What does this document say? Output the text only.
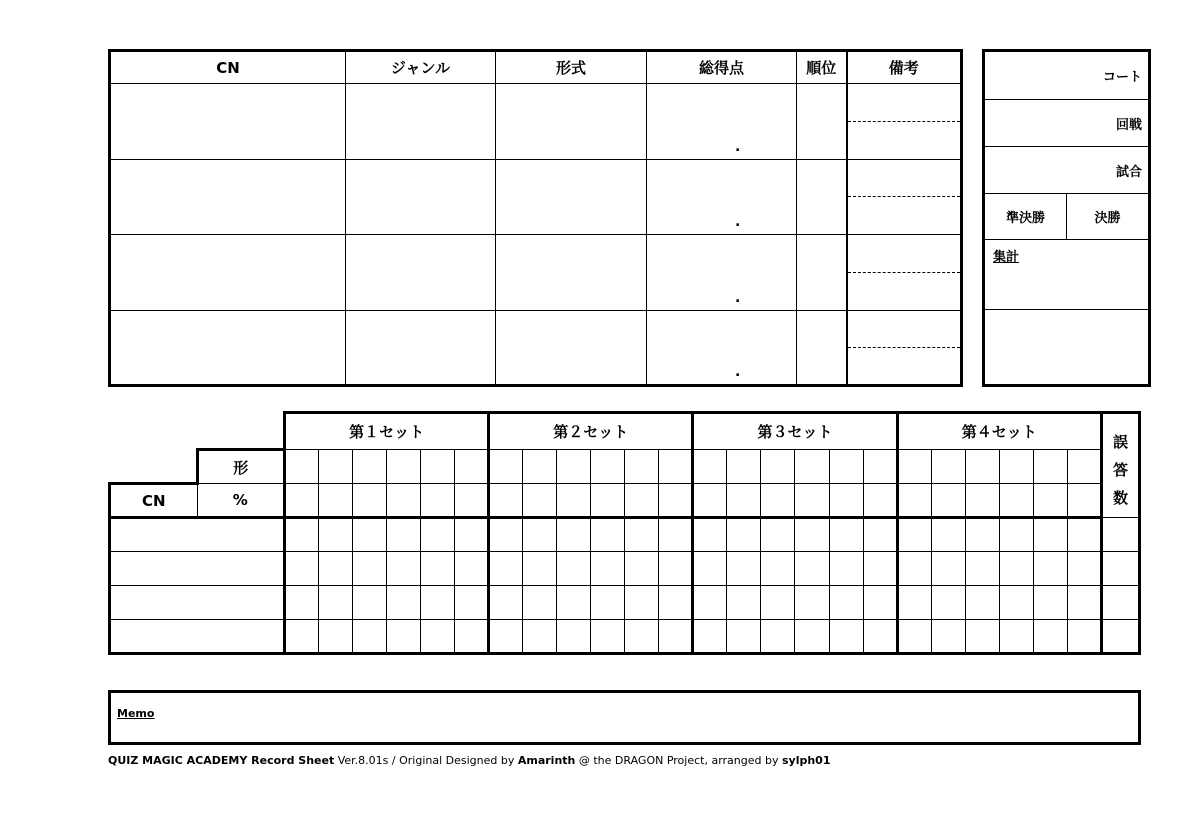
CN	ジャンル	形式	総得点	順位	備考

			.		

			.		

			.		

			.		

コート
回戦
試合
準決勝	決勝
集計
		第１セット						第２セット						第３セット						第４セット						誤答数
	形																									
CN	%																									

Memo
QUIZ MAGIC ACADEMY Record Sheet Ver.8.01s / Original Designed by Amarinth @ the DRAGON Project, arranged by sylph01
